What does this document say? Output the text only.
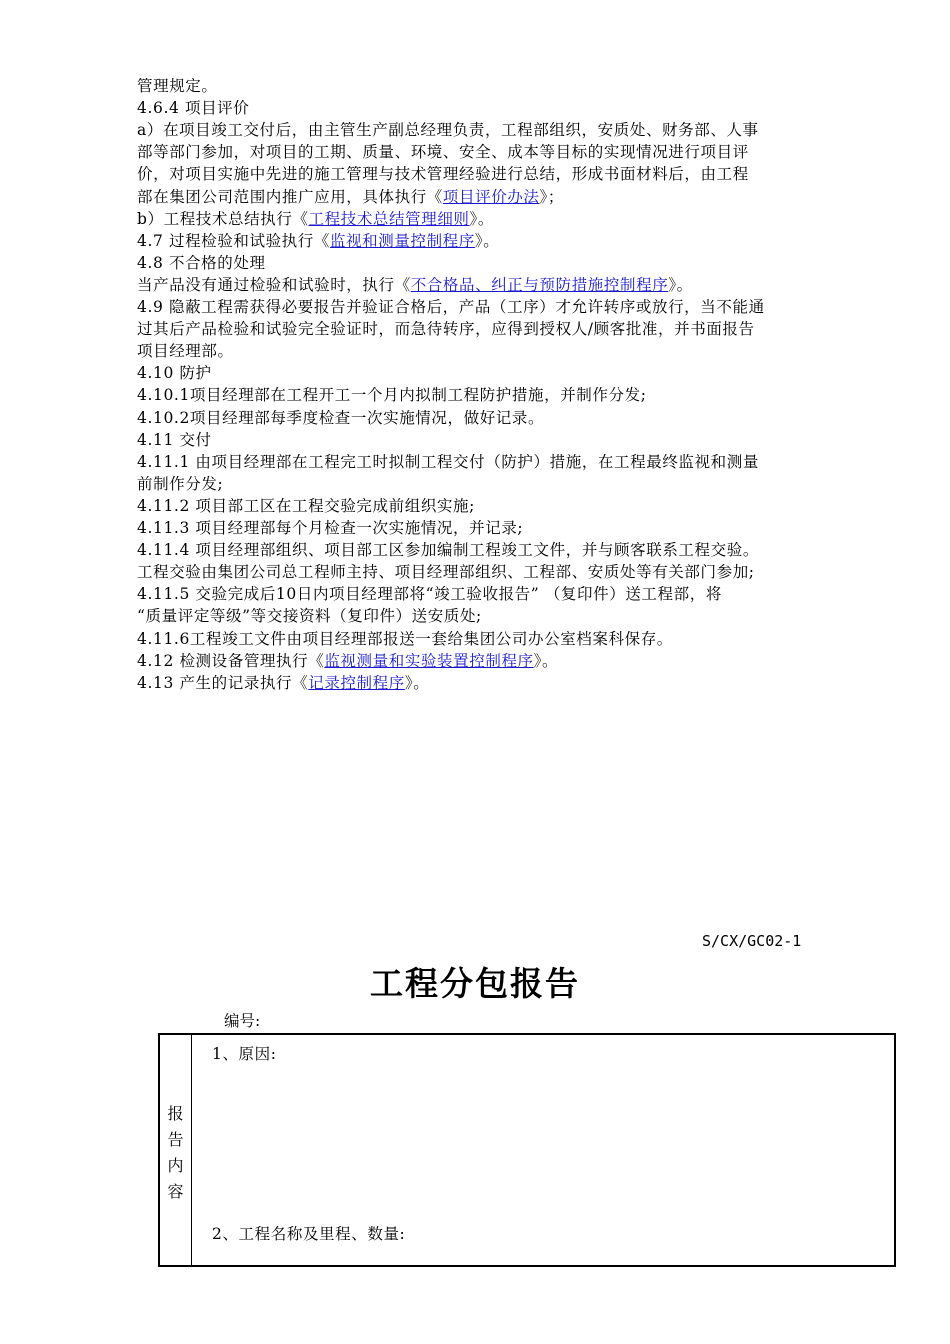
管理规定。
4.6.4 项目评价
a）在项目竣工交付后，由主管生产副总经理负责，工程部组织，安质处、财务部、人事
部等部门参加，对项目的工期、质量、环境、安全、成本等目标的实现情况进行项目评
价，对项目实施中先进的施工管理与技术管理经验进行总结，形成书面材料后，由工程
部在集团公司范围内推广应用，具体执行《项目评价办法》；
b）工程技术总结执行《工程技术总结管理细则》。
4.7 过程检验和试验执行《监视和测量控制程序》。
4.8 不合格的处理
当产品没有通过检验和试验时，执行《不合格品、纠正与预防措施控制程序》。
4.9 隐蔽工程需获得必要报告并验证合格后，产品（工序）才允许转序或放行，当不能通
过其后产品检验和试验完全验证时，而急待转序，应得到授权人/顾客批准，并书面报告
项目经理部。
4.10 防护
4.10.1项目经理部在工程开工一个月内拟制工程防护措施，并制作分发;
4.10.2项目经理部每季度检查一次实施情况，做好记录。
4.11 交付
4.11.1 由项目经理部在工程完工时拟制工程交付（防护）措施，在工程最终监视和测量
前制作分发;
4.11.2 项目部工区在工程交验完成前组织实施;
4.11.3 项目经理部每个月检查一次实施情况，并记录;
4.11.4 项目经理部组织、项目部工区参加编制工程竣工文件，并与顾客联系工程交验。
工程交验由集团公司总工程师主持、项目经理部组织、工程部、安质处等有关部门参加;
4.11.5 交验完成后10日内项目经理部将“竣工验收报告” （复印件）送工程部，将
“质量评定等级”等交接资料（复印件）送安质处;
4.11.6工程竣工文件由项目经理部报送一套给集团公司办公室档案科保存。
4.12 检测设备管理执行《监视测量和实验装置控制程序》。
4.13 产生的记录执行《记录控制程序》。
S/CX/GC02-1
工程分包报告
编号:
报
告
内
容
1、原因:
2、工程名称及里程、数量:
